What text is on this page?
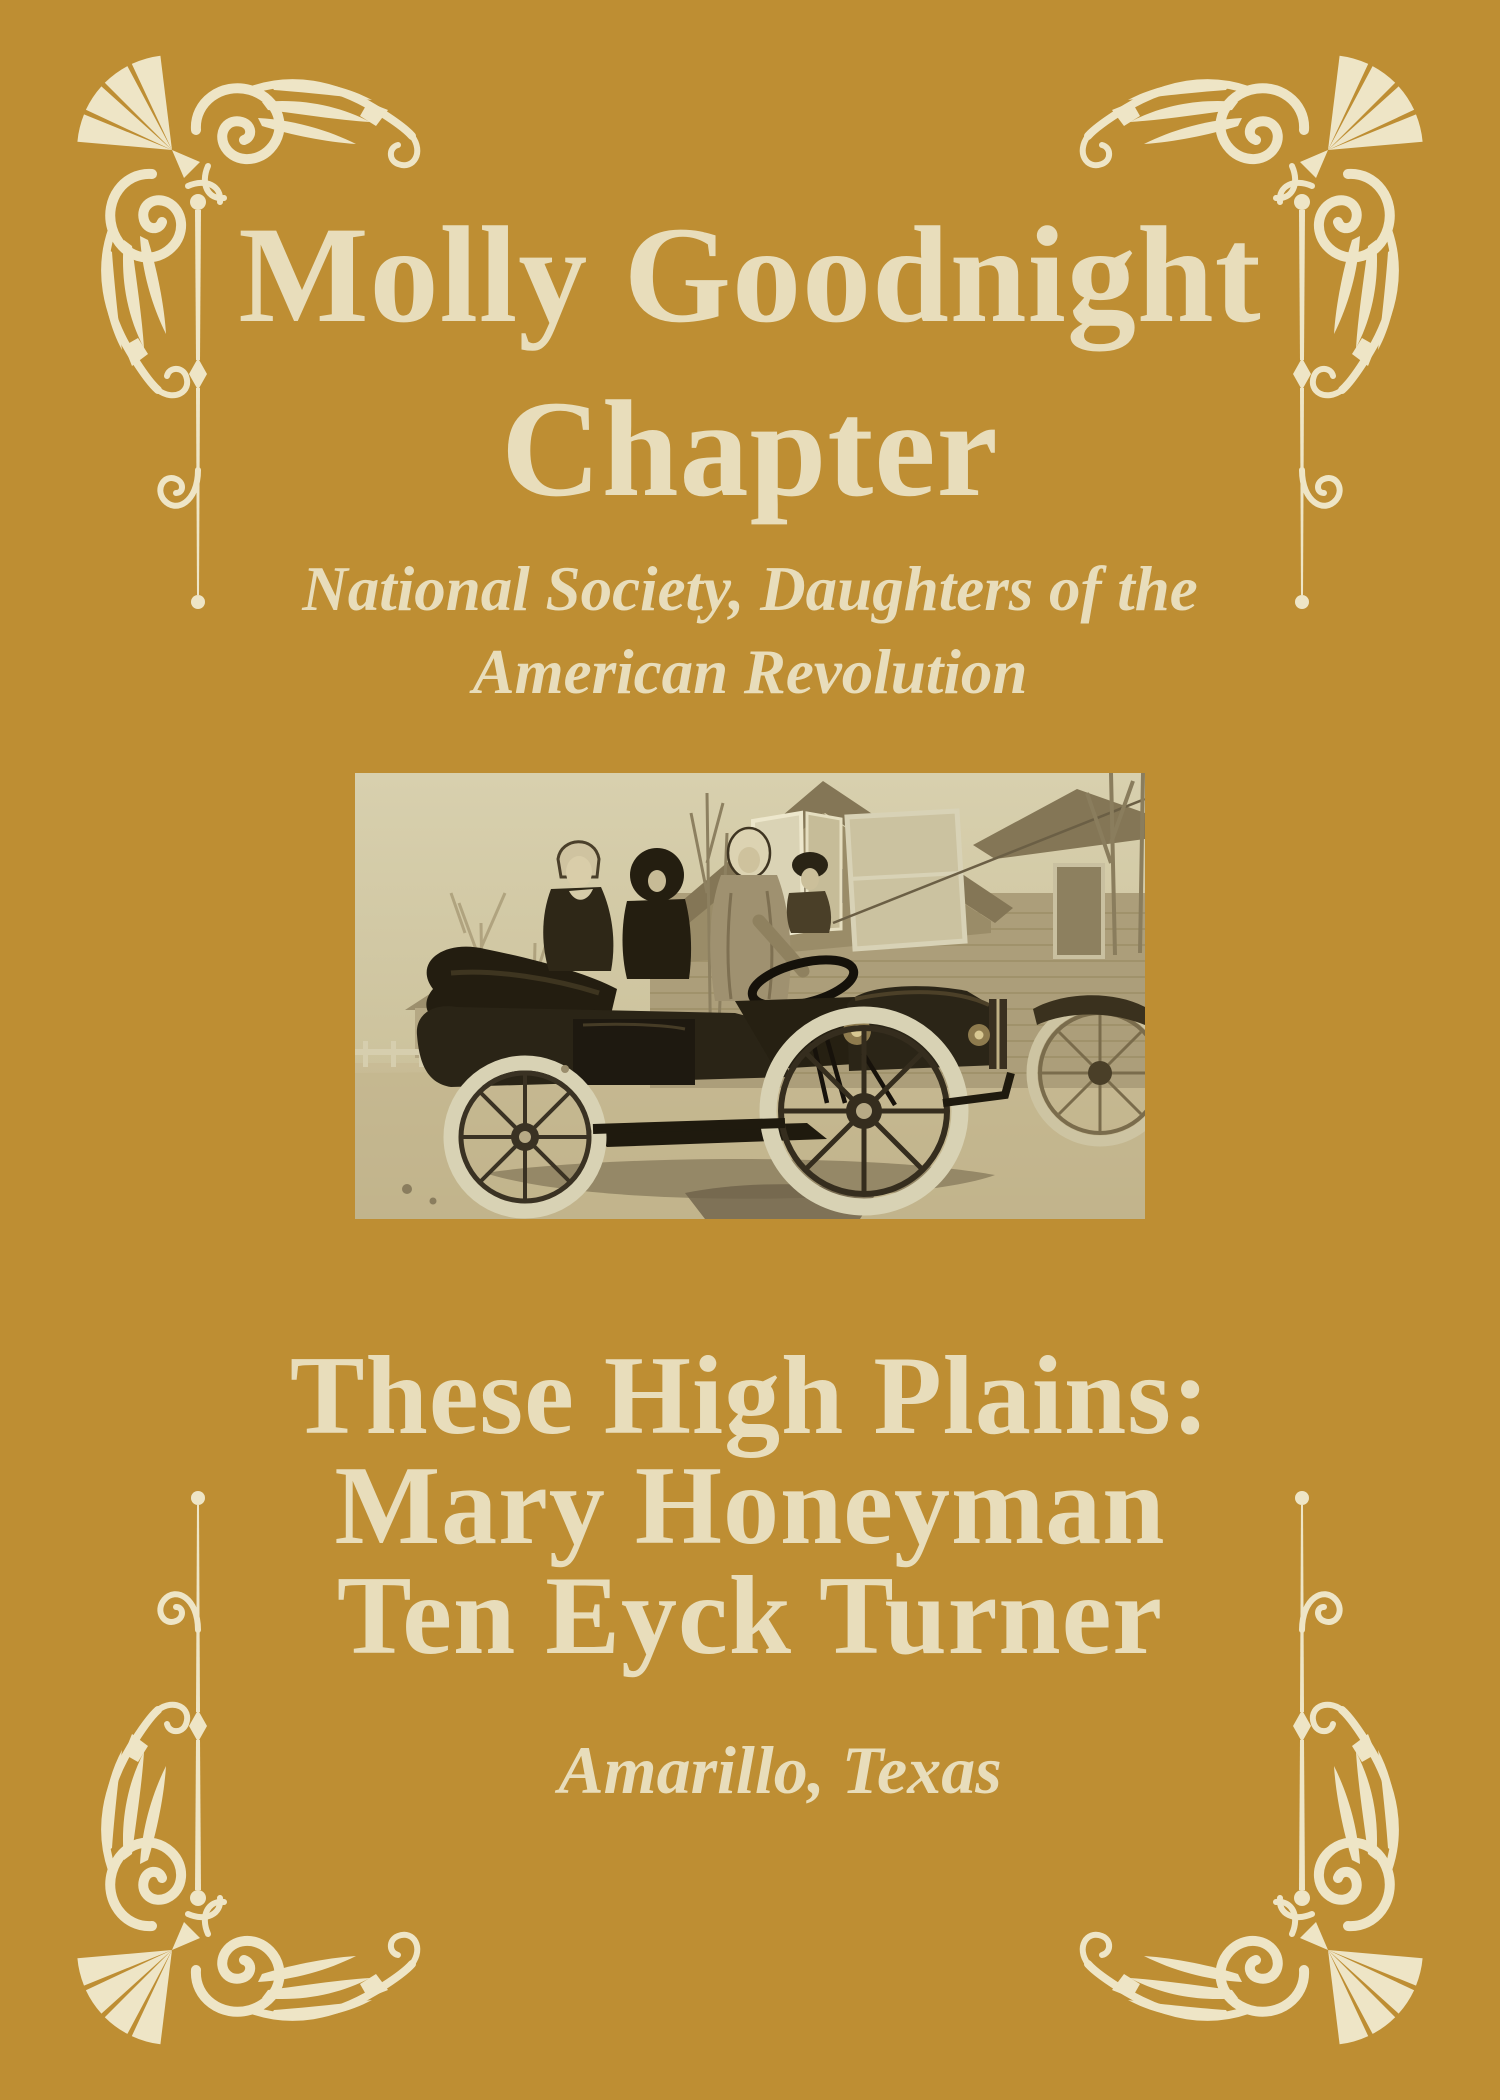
Molly Goodnight
Chapter
National Society, Daughters of the
American Revolution
These High Plains:
Mary Honeyman
Ten Eyck Turner
Amarillo, Texas
